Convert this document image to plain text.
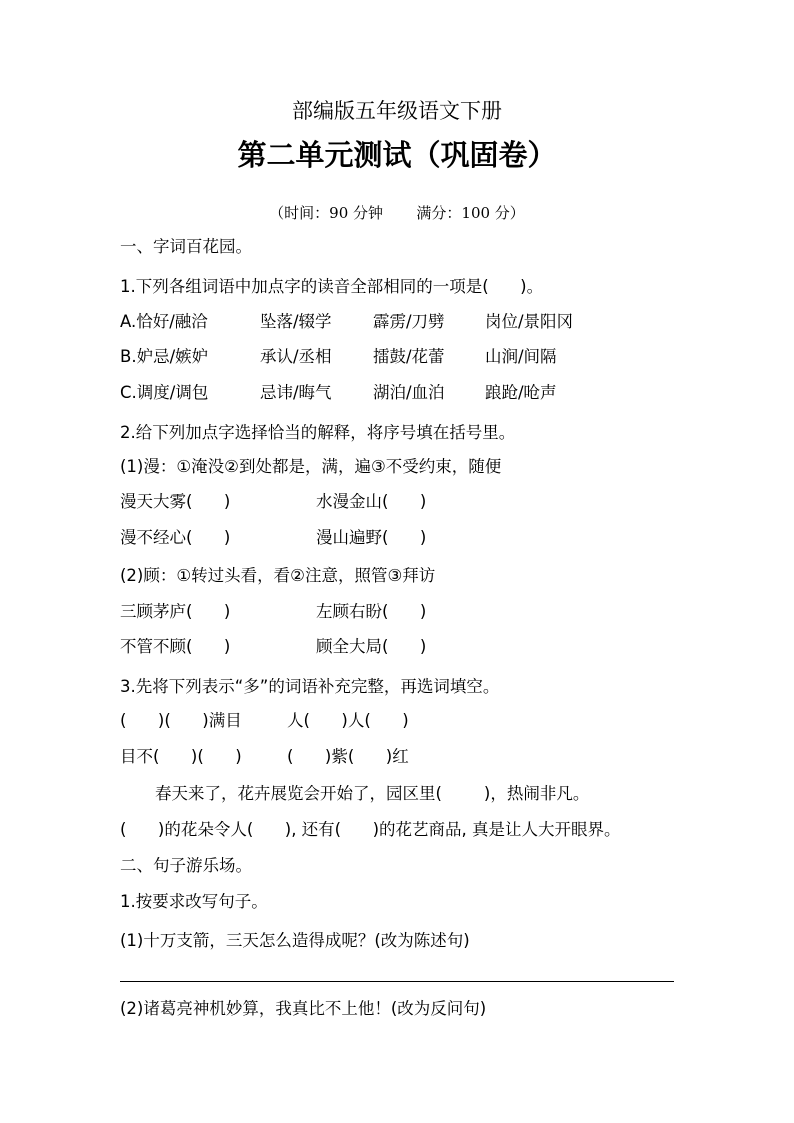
部编版五年级语文下册
第二单元测试（巩固卷）
（时间：90 分钟       满分：100 分）
一、字词百花园。
1.下列各组词语中加点字的读音全部相同的一项是(      )。
A.恰好/融洽	坠落/辍学	霹雳/刀劈 岗位/景阳冈
B.妒忌/嫉妒	承认/丞相	擂鼓/花蕾 山涧/间隔
C.调度/调包	忌讳/晦气	湖泊/血泊 踉跄/呛声
2.给下列加点字选择恰当的解释，将序号填在括号里。
(1)漫：①淹没②到处都是，满，遍③不受约束，随便
漫天大雾(      )	水漫金山(      )
漫不经心(      )	漫山遍野(      )
(2)顾：①转过头看，看②注意，照管③拜访
三顾茅庐(      )	左顾右盼(      )
不管不顾(      )	顾全大局(      )
3.先将下列表示“多”的词语补充完整，再选词填空。
(      )(      )满目	人(      )人(      )
目不(      )(      )	(      )紫(      )红
春天来了，花卉展览会开始了，园区里(        )，热闹非凡。
(      )的花朵令人(      ), 还有(      )的花艺商品, 真是让人大开眼界。
二、句子游乐场。
1.按要求改写句子。
(1)十万支箭，三天怎么造得成呢？(改为陈述句)
(2)诸葛亮神机妙算，我真比不上他！(改为反问句)
